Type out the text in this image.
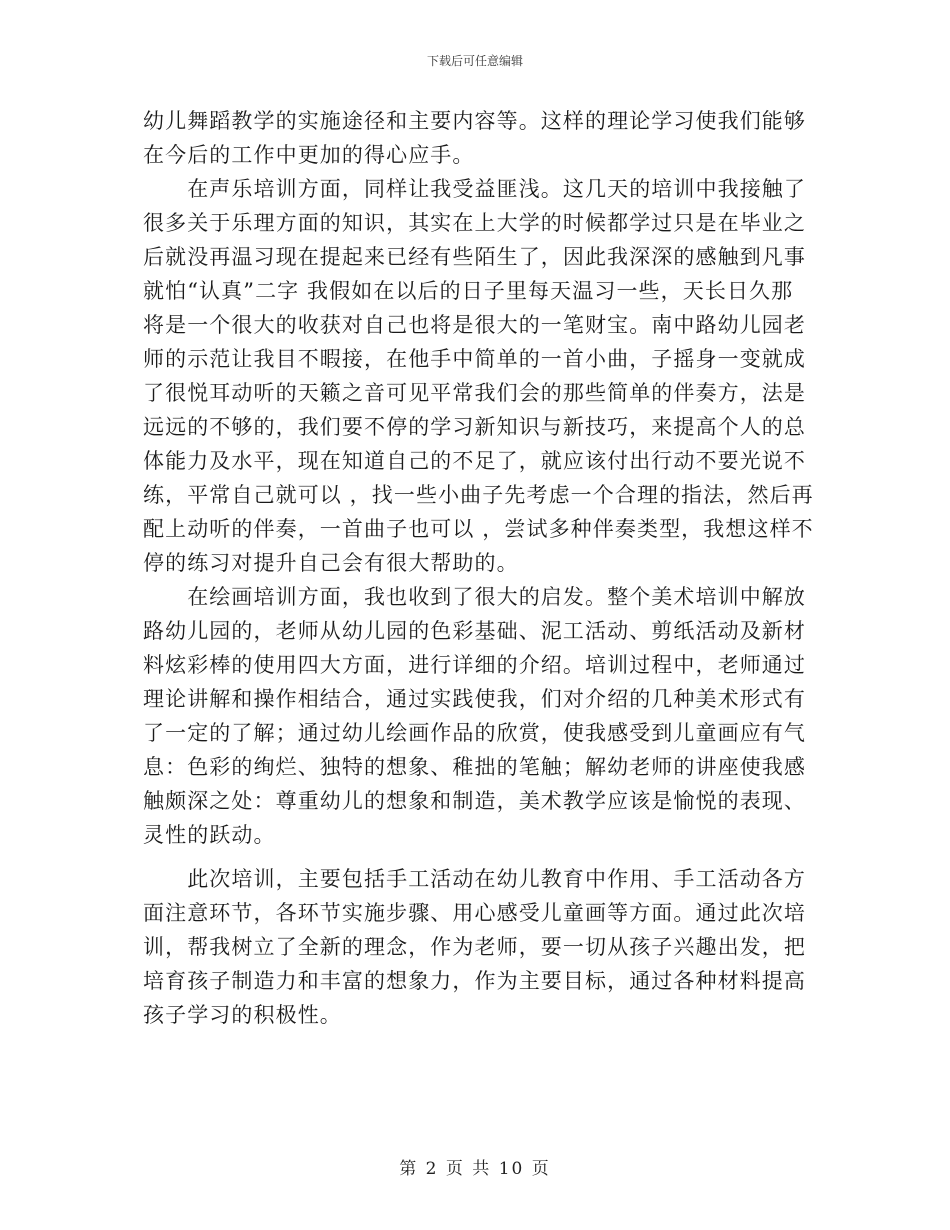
下载后可任意编辑
幼儿舞蹈教学的实施途径和主要内容等。这样的理论学习使我们能够
在今后的工作中更加的得心应手。
　　在声乐培训方面，同样让我受益匪浅。这几天的培训中我接触了
很多关于乐理方面的知识，其实在上大学的时候都学过只是在毕业之
后就没再温习现在提起来已经有些陌生了，因此我深深的感触到凡事
就怕“认真”二字 我假如在以后的日子里每天温习一些，天长日久那
将是一个很大的收获对自己也将是很大的一笔财宝。南中路幼儿园老
师的示范让我目不暇接，在他手中简单的一首小曲，子摇身一变就成
了很悦耳动听的天籁之音可见平常我们会的那些简单的伴奏方，法是
远远的不够的，我们要不停的学习新知识与新技巧，来提高个人的总
体能力及水平，现在知道自己的不足了，就应该付出行动不要光说不
练，平常自己就可以 ，找一些小曲子先考虑一个合理的指法，然后再
配上动听的伴奏，一首曲子也可以 ，尝试多种伴奏类型，我想这样不
停的练习对提升自己会有很大帮助的。
　　在绘画培训方面，我也收到了很大的启发。整个美术培训中解放
路幼儿园的，老师从幼儿园的色彩基础、泥工活动、剪纸活动及新材
料炫彩棒的使用四大方面，进行详细的介绍。培训过程中，老师通过
理论讲解和操作相结合，通过实践使我，们对介绍的几种美术形式有
了一定的了解；通过幼儿绘画作品的欣赏，使我感受到儿童画应有气
息：色彩的绚烂、独特的想象、稚拙的笔触；解幼老师的讲座使我感
触颇深之处：尊重幼儿的想象和制造，美术教学应该是愉悦的表现、
灵性的跃动。
　　此次培训，主要包括手工活动在幼儿教育中作用、手工活动各方
面注意环节，各环节实施步骤、用心感受儿童画等方面。通过此次培
训，帮我树立了全新的理念，作为老师，要一切从孩子兴趣出发，把
培育孩子制造力和丰富的想象力，作为主要目标，通过各种材料提高
孩子学习的积极性。
第 2 页 共 10 页
